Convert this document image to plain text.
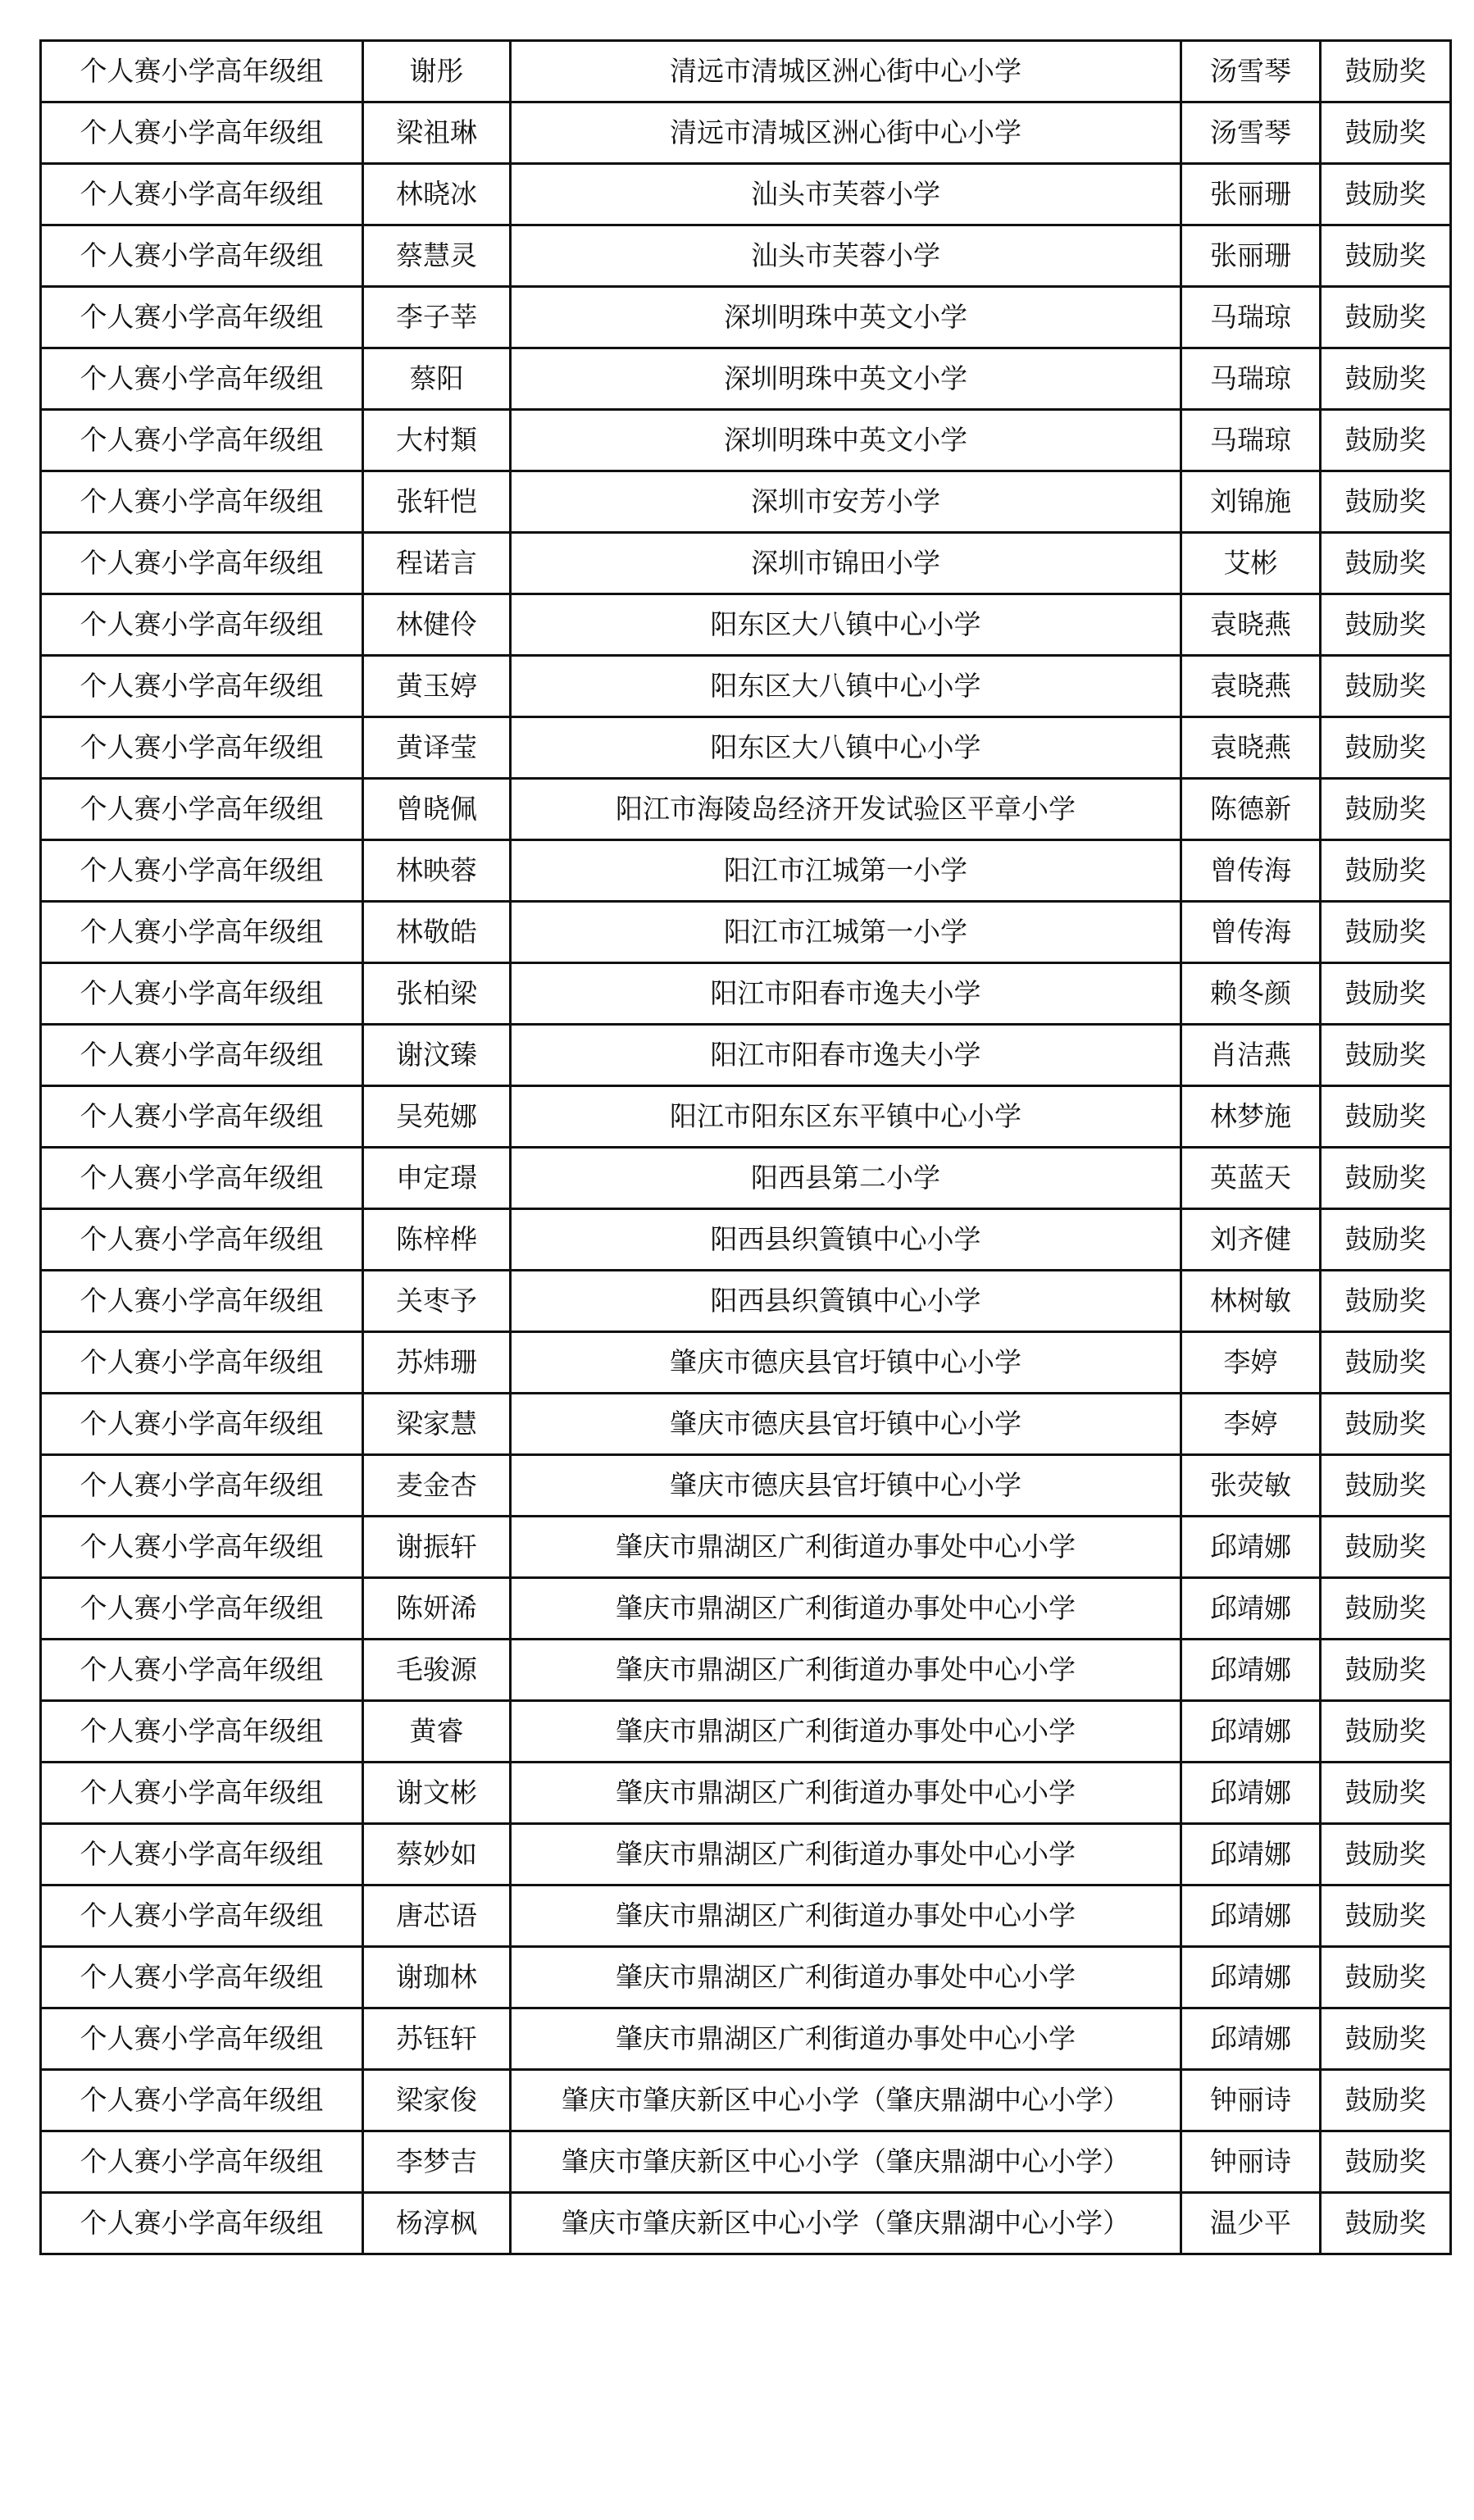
个人赛小学高年级组	谢彤	清远市清城区洲心街中心小学	汤雪琴	鼓励奖
个人赛小学高年级组	梁祖琳	清远市清城区洲心街中心小学	汤雪琴	鼓励奖
个人赛小学高年级组	林晓冰	汕头市芙蓉小学	张丽珊	鼓励奖
个人赛小学高年级组	蔡慧灵	汕头市芙蓉小学	张丽珊	鼓励奖
个人赛小学高年级组	李子莘	深圳明珠中英文小学	马瑞琼	鼓励奖
个人赛小学高年级组	蔡阳	深圳明珠中英文小学	马瑞琼	鼓励奖
个人赛小学高年级组	大村類	深圳明珠中英文小学	马瑞琼	鼓励奖
个人赛小学高年级组	张轩恺	深圳市安芳小学	刘锦施	鼓励奖
个人赛小学高年级组	程诺言	深圳市锦田小学	艾彬	鼓励奖
个人赛小学高年级组	林健伶	阳东区大八镇中心小学	袁晓燕	鼓励奖
个人赛小学高年级组	黄玉婷	阳东区大八镇中心小学	袁晓燕	鼓励奖
个人赛小学高年级组	黄译莹	阳东区大八镇中心小学	袁晓燕	鼓励奖
个人赛小学高年级组	曾晓佩	阳江市海陵岛经济开发试验区平章小学	陈德新	鼓励奖
个人赛小学高年级组	林映蓉	阳江市江城第一小学	曾传海	鼓励奖
个人赛小学高年级组	林敬皓	阳江市江城第一小学	曾传海	鼓励奖
个人赛小学高年级组	张柏梁	阳江市阳春市逸夫小学	赖冬颜	鼓励奖
个人赛小学高年级组	谢汶臻	阳江市阳春市逸夫小学	肖洁燕	鼓励奖
个人赛小学高年级组	吴苑娜	阳江市阳东区东平镇中心小学	林梦施	鼓励奖
个人赛小学高年级组	申定璟	阳西县第二小学	英蓝天	鼓励奖
个人赛小学高年级组	陈梓桦	阳西县织篢镇中心小学	刘齐健	鼓励奖
个人赛小学高年级组	关枣予	阳西县织篢镇中心小学	林树敏	鼓励奖
个人赛小学高年级组	苏炜珊	肇庆市德庆县官圩镇中心小学	李婷	鼓励奖
个人赛小学高年级组	梁家慧	肇庆市德庆县官圩镇中心小学	李婷	鼓励奖
个人赛小学高年级组	麦金杏	肇庆市德庆县官圩镇中心小学	张荧敏	鼓励奖
个人赛小学高年级组	谢振轩	肇庆市鼎湖区广利街道办事处中心小学	邱靖娜	鼓励奖
个人赛小学高年级组	陈妍浠	肇庆市鼎湖区广利街道办事处中心小学	邱靖娜	鼓励奖
个人赛小学高年级组	毛骏源	肇庆市鼎湖区广利街道办事处中心小学	邱靖娜	鼓励奖
个人赛小学高年级组	黄睿	肇庆市鼎湖区广利街道办事处中心小学	邱靖娜	鼓励奖
个人赛小学高年级组	谢文彬	肇庆市鼎湖区广利街道办事处中心小学	邱靖娜	鼓励奖
个人赛小学高年级组	蔡妙如	肇庆市鼎湖区广利街道办事处中心小学	邱靖娜	鼓励奖
个人赛小学高年级组	唐芯语	肇庆市鼎湖区广利街道办事处中心小学	邱靖娜	鼓励奖
个人赛小学高年级组	谢珈林	肇庆市鼎湖区广利街道办事处中心小学	邱靖娜	鼓励奖
个人赛小学高年级组	苏钰轩	肇庆市鼎湖区广利街道办事处中心小学	邱靖娜	鼓励奖
个人赛小学高年级组	梁家俊	肇庆市肇庆新区中心小学（肇庆鼎湖中心小学）	钟丽诗	鼓励奖
个人赛小学高年级组	李梦吉	肇庆市肇庆新区中心小学（肇庆鼎湖中心小学）	钟丽诗	鼓励奖
个人赛小学高年级组	杨淳枫	肇庆市肇庆新区中心小学（肇庆鼎湖中心小学）	温少平	鼓励奖
